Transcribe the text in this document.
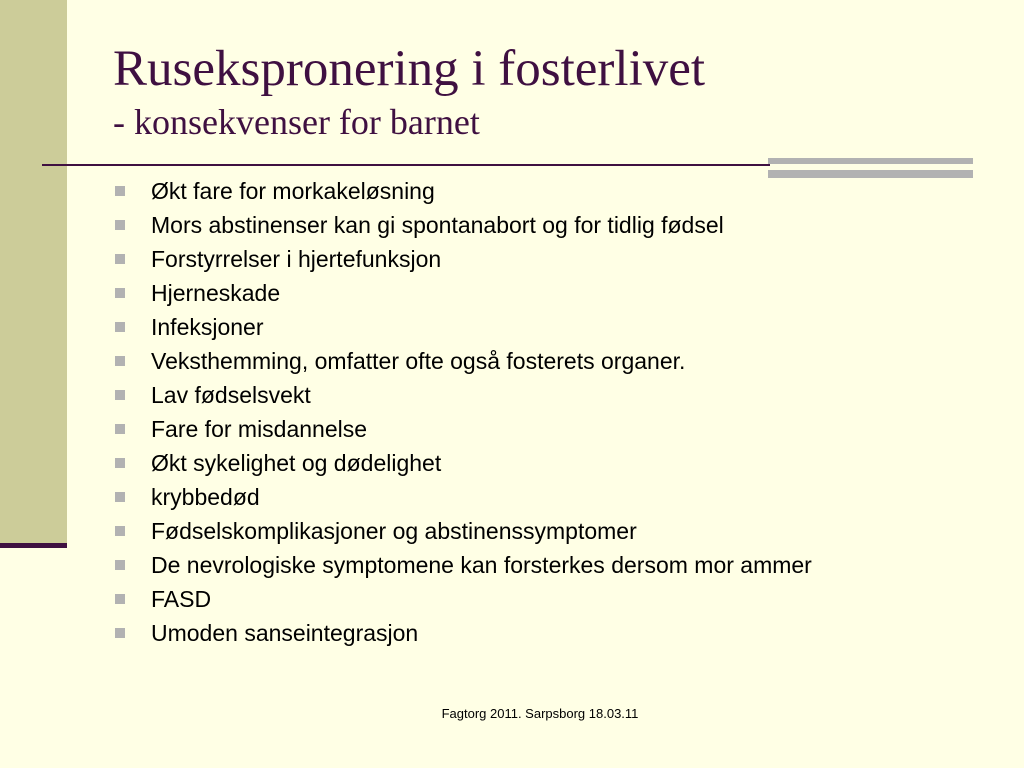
Rusekspronering i fosterlivet
- konsekvenser for barnet
Økt fare for morkakeløsning
Mors abstinenser kan gi spontanabort og for tidlig fødsel
Forstyrrelser i hjertefunksjon
Hjerneskade
Infeksjoner
Veksthemming, omfatter ofte også fosterets organer.
Lav fødselsvekt
Fare for misdannelse
Økt sykelighet og dødelighet
krybbedød
Fødselskomplikasjoner og abstinenssymptomer
De nevrologiske symptomene kan forsterkes dersom mor ammer
FASD
Umoden sanseintegrasjon
Fagtorg 2011. Sarpsborg 18.03.11
